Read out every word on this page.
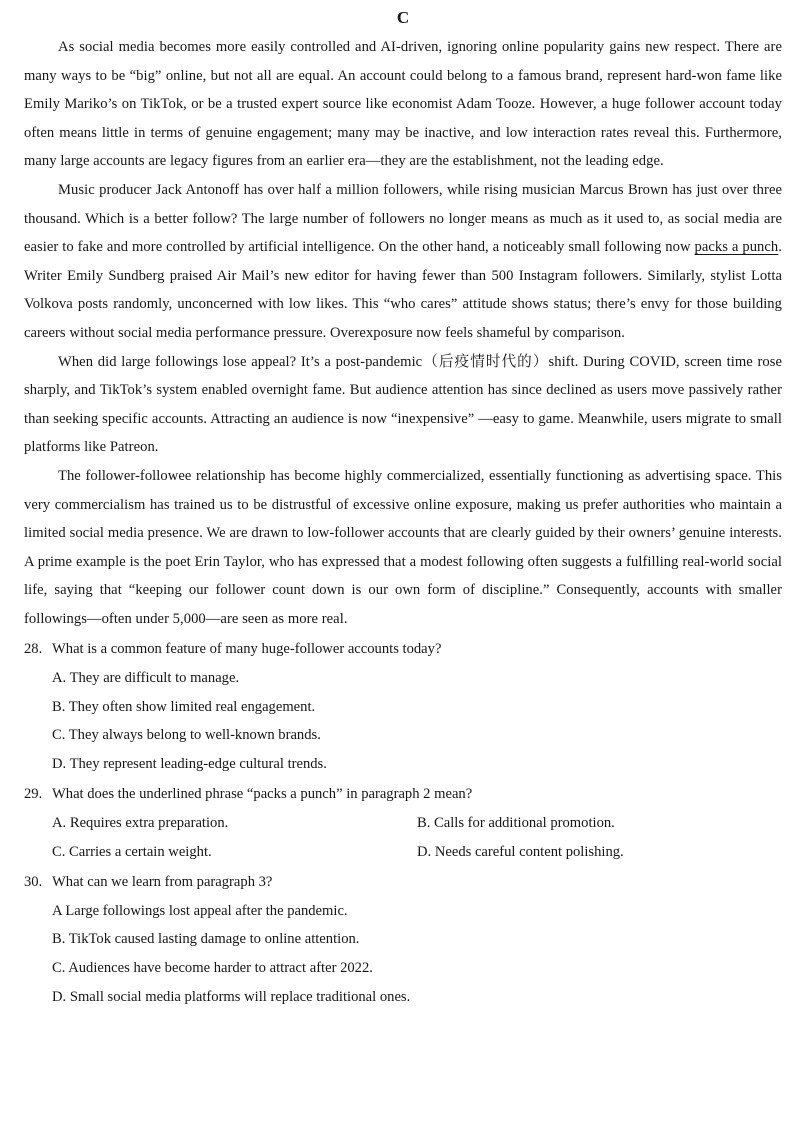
C

As social media becomes more easily controlled and AI-driven, ignoring online popularity gains new respect. There are many ways to be “big” online, but not all are equal. An account could belong to a famous brand, represent hard-won fame like Emily Mariko’s on TikTok, or be a trusted expert source like economist Adam Tooze. However, a huge follower account today often means little in terms of genuine engagement; many may be inactive, and low interaction rates reveal this. Furthermore, many large accounts are legacy figures from an earlier era—they are the establishment, not the leading edge.

Music producer Jack Antonoff has over half a million followers, while rising musician Marcus Brown has just over three thousand. Which is a better follow? The large number of followers no longer means as much as it used to, as social media are easier to fake and more controlled by artificial intelligence. On the other hand, a noticeably small following now packs a punch. Writer Emily Sundberg praised Air Mail’s new editor for having fewer than 500 Instagram followers. Similarly, stylist Lotta Volkova posts randomly, unconcerned with low likes. This “who cares” attitude shows status; there’s envy for those building careers without social media performance pressure. Overexposure now feels shameful by comparison.

When did large followings lose appeal? It’s a post-pandemic（后疫情时代的）shift. During COVID, screen time rose sharply, and TikTok’s system enabled overnight fame. But audience attention has since declined as users move passively rather than seeking specific accounts. Attracting an audience is now “inexpensive” —easy to game. Meanwhile, users migrate to small platforms like Patreon.

The follower-followee relationship has become highly commercialized, essentially functioning as advertising space. This very commercialism has trained us to be distrustful of excessive online exposure, making us prefer authorities who maintain a limited social media presence. We are drawn to low-follower accounts that are clearly guided by their owners’ genuine interests. A prime example is the poet Erin Taylor, who has expressed that a modest following often suggests a fulfilling real-world social life, saying that “keeping our follower count down is our own form of discipline.” Consequently, accounts with smaller followings—often under 5,000—are seen as more real.

28. What is a common feature of many huge-follower accounts today?

A. They are difficult to manage.
B. They often show limited real engagement.
C. They always belong to well-known brands.
D. They represent leading-edge cultural trends.

29. What does the underlined phrase “packs a punch” in paragraph 2 mean?

A. Requires extra preparation.	B. Calls for additional promotion.
C. Carries a certain weight.	D. Needs careful content polishing.

30. What can we learn from paragraph 3?

A Large followings lost appeal after the pandemic.
B. TikTok caused lasting damage to online attention.
C. Audiences have become harder to attract after 2022.
D. Small social media platforms will replace traditional ones.
